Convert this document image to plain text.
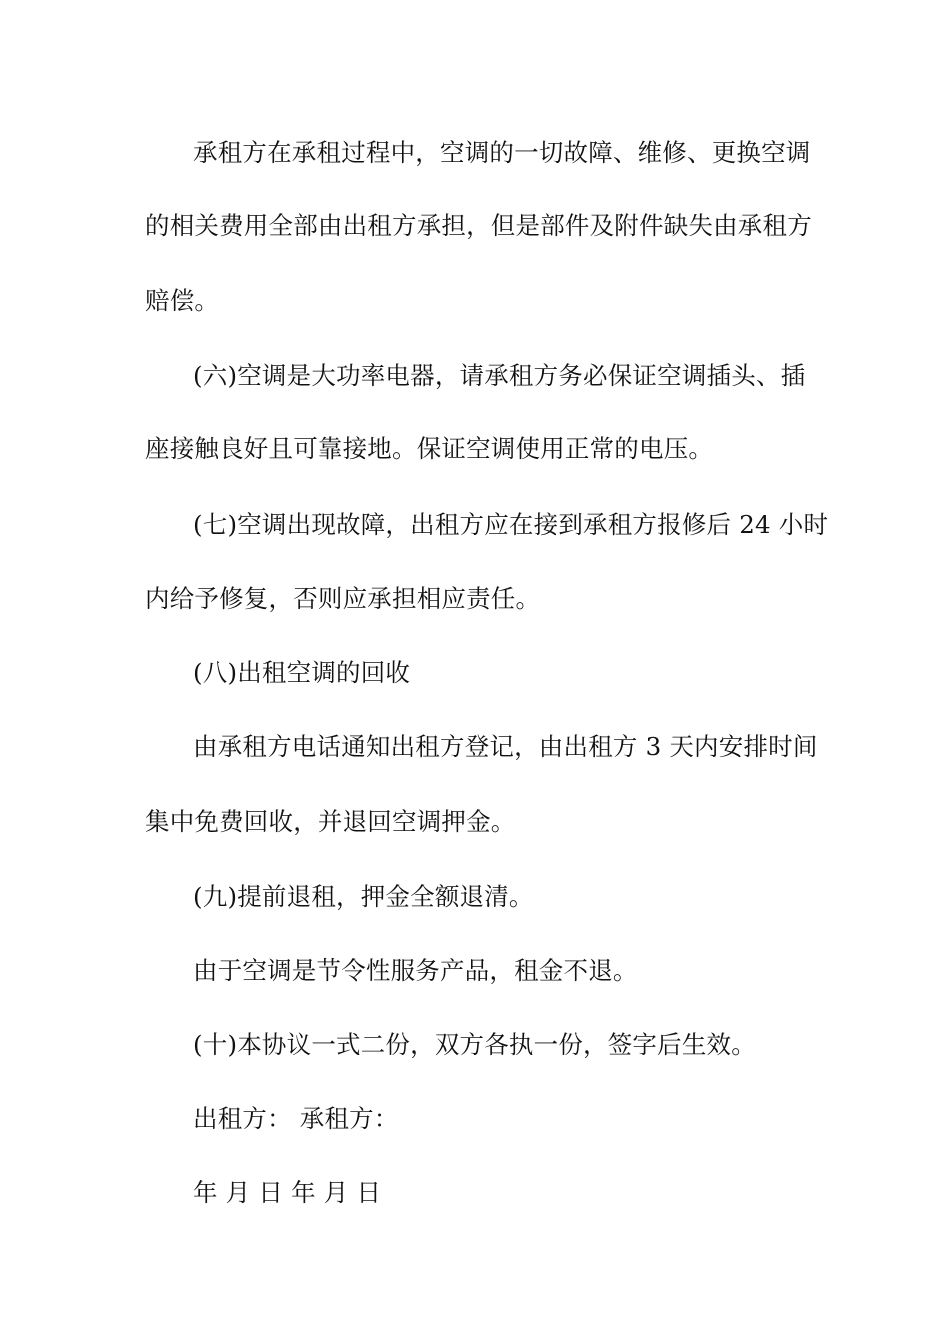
承租方在承租过程中，空调的一切故障、维修、更换空调
的相关费用全部由出租方承担，但是部件及附件缺失由承租方
赔偿。
(六)空调是大功率电器，请承租方务必保证空调插头、插
座接触良好且可靠接地。保证空调使用正常的电压。
(七)空调出现故障，出租方应在接到承租方报修后 24 小时
内给予修复，否则应承担相应责任。
(八)出租空调的回收
由承租方电话通知出租方登记，由出租方 3 天内安排时间
集中免费回收，并退回空调押金。
(九)提前退租，押金全额退清。
由于空调是节令性服务产品，租金不退。
(十)本协议一式二份，双方各执一份，签字后生效。
出租方： 承租方：
年 月 日 年 月 日
